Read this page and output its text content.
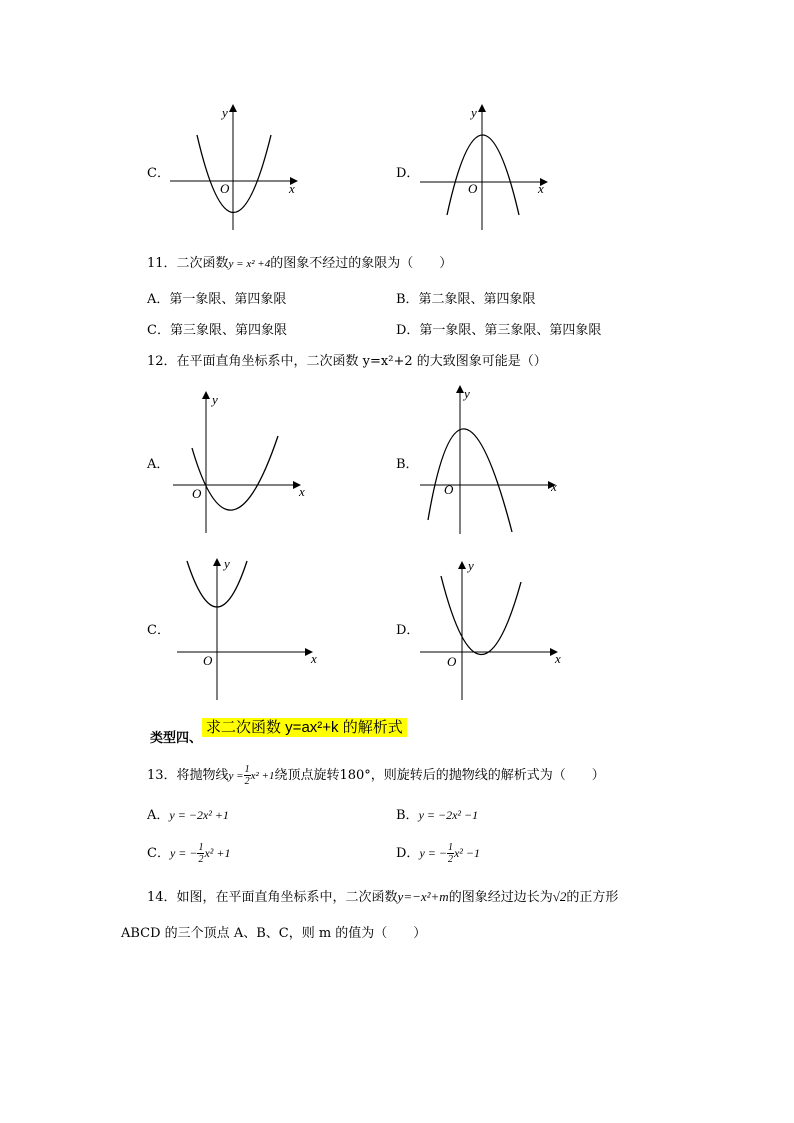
C．
O	x
y
D．
O	x
y
11．二次函数y = x² +4的图象不经过的象限为（　　）
A．第一象限、第四象限	B．第二象限、第四象限
C．第三象限、第四象限	D．第一象限、第三象限、第四象限
12．在平面直角坐标系中，二次函数 y=x²+2 的大致图象可能是（）
A．
O	x
y
B．
O	x
y
C．
O	x
y
D．
O	x
y
$_{类型四、}$求二次函数 y=ax²+k 的解析式
13．将抛物线$y = \frac{1}{2} x^2 +1$绕顶点旋转180°，则旋转后的抛物线的解析式为（　　）
A．y = −2x² +1	B．y = −2x² −1
C．y = − $\frac{1}{2} x^2 +1$	D．y = − $\frac{1}{2} x^2 -1$
14．如图，在平面直角坐标系中，二次函数y=−x²+m的图象经过边长为√2的正方形
ABCD 的三个顶点 A、B、C，则 m 的值为（　　）
